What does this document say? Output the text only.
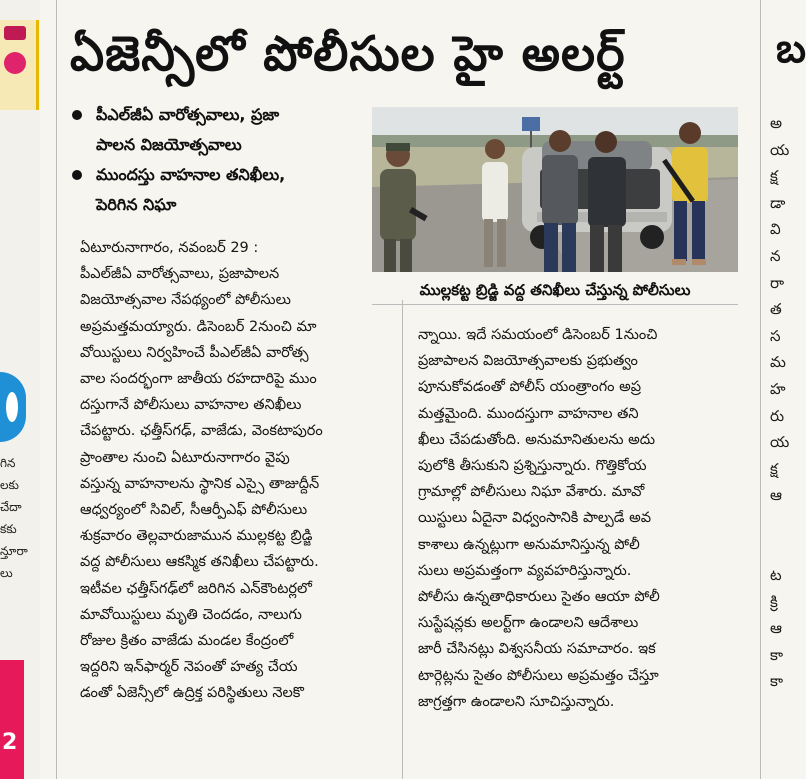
గిన
లకు
చేదా
కకు
న్తూరా
లు
2
ఏజెన్సీలో పోలీసుల హై అలర్ట్
పీఎల్‌జీఏ వారోత్సవాలు, ప్రజా
పాలన విజయోత్సవాలు
ముందస్తు వాహనాల తనిఖీలు,
పెరిగిన నిఘా
ముల్లకట్ట బ్రిడ్జి వద్ద తనిఖీలు చేస్తున్న పోలీసులు
ఏటూరునాగారం, నవంబర్ 29 :
పీఎల్‌జీఏ వారోత్సవాలు, ప్రజాపాలన
విజయోత్సవాల నేపథ్యంలో పోలీసులు
అప్రమత్తమయ్యారు. డిసెంబర్ 2నుంచి మా
వోయిస్టులు నిర్వహించే పీఎల్‌జీఏ వారోత్స
వాల సందర్భంగా జాతీయ రహదారిపై ముం
దస్తుగానే పోలీసులు వాహనాల తనిఖీలు
చేపట్టారు. ఛత్తీస్‌గఢ్, వాజేడు, వెంకటాపురం
ప్రాంతాల నుంచి ఏటూరునాగారం వైపు
వస్తున్న వాహనాలను స్థానిక ఎస్సై తాజుద్దీన్
ఆధ్వర్యంలో సివిల్, సీఆర్పీఎఫ్ పోలీసులు
శుక్రవారం తెల్లవారుజామున ముల్లకట్ట బ్రిడ్జి
వద్ద పోలీసులు ఆకస్మిక తనిఖీలు చేపట్టారు.
ఇటీవల ఛత్తీస్‌గఢ్‌లో జరిగిన ఎన్‌కౌంటర్లలో
మావోయిస్టులు మృతి చెందడం, నాలుగు
రోజుల క్రితం వాజేడు మండల కేంద్రంలో
ఇద్దరిని ఇన్‌ఫార్మర్ నెపంతో హత్య చేయ
డంతో ఏజెన్సీలో ఉద్రిక్త పరిస్థితులు నెలకొ
న్నాయి. ఇదే సమయంలో డిసెంబర్ 1నుంచి
ప్రజాపాలన విజయోత్సవాలకు ప్రభుత్వం
పూనుకోవడంతో పోలీస్ యంత్రాంగం అప్ర
మత్తమైంది. ముందస్తుగా వాహనాల తని
ఖీలు చేపడుతోంది. అనుమానితులను అదు
పులోకి తీసుకుని ప్రశ్నిస్తున్నారు. గొత్తికోయ
గ్రామాల్లో పోలీసులు నిఘా వేశారు. మావో
యిస్టులు ఏదైనా విధ్వంసానికి పాల్పడే అవ
కాశాలు ఉన్నట్లుగా అనుమానిస్తున్న పోలీ
సులు అప్రమత్తంగా వ్యవహరిస్తున్నారు.
పోలీసు ఉన్నతాధికారులు సైతం ఆయా పోలీ
సుస్టేషన్లకు అలర్ట్‌గా ఉండాలని ఆదేశాలు
జారీ చేసినట్లు విశ్వసనీయ సమాచారం. ఇక
టార్గెట్లను సైతం పోలీసులు అప్రమత్తం చేస్తూ
జాగ్రత్తగా ఉండాలని సూచిస్తున్నారు.
బ
అ
య
క్ష
డా
వి
న
రా
త
స
మ
హ
రు
య
క్ష
ఆ

ట
క్రి
ఆ
కా
కా
